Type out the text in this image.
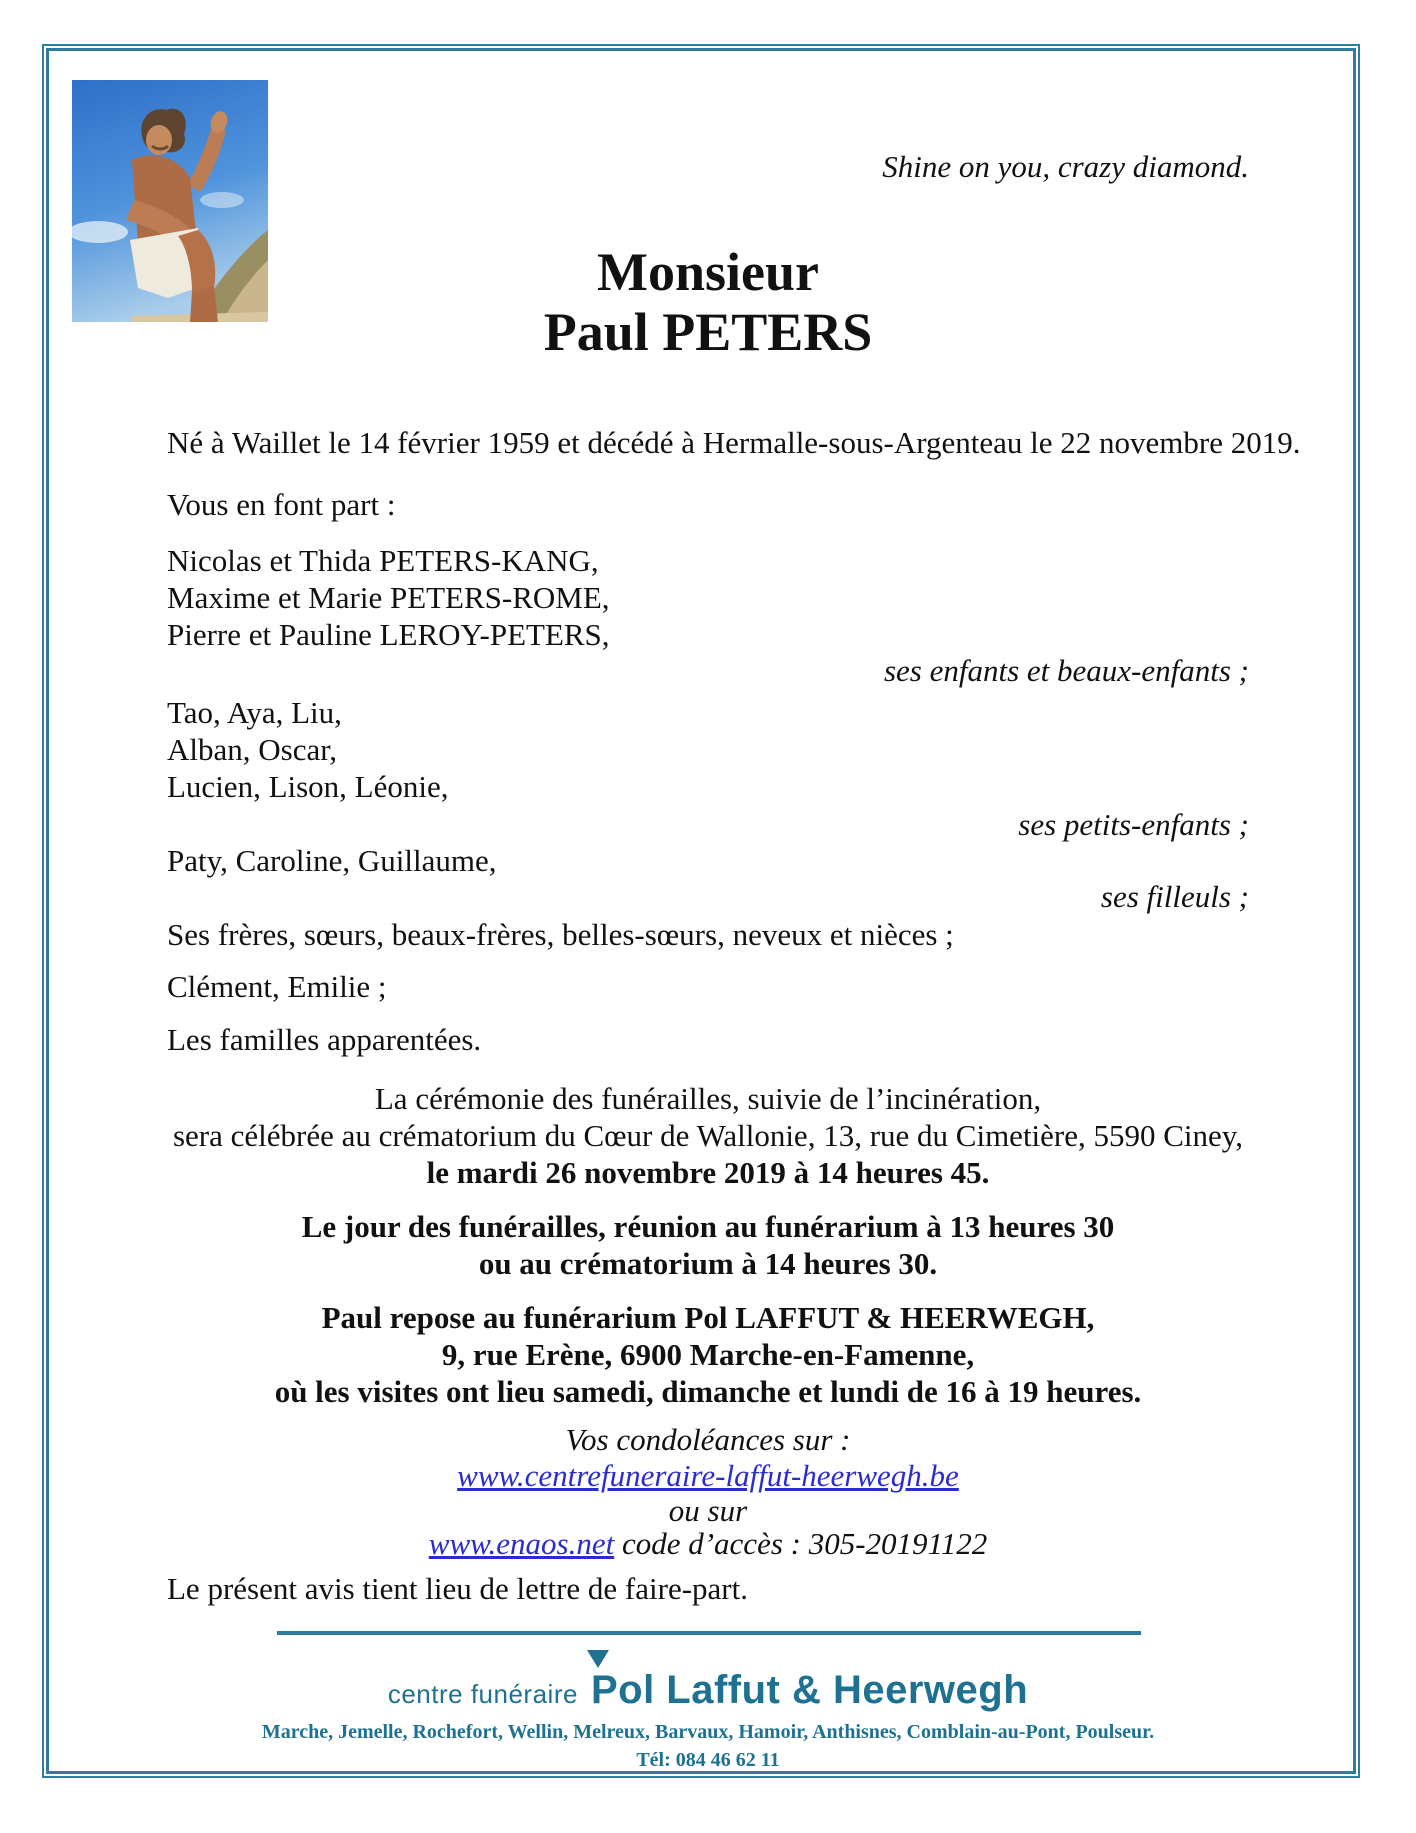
Shine on you, crazy diamond.
Monsieur
Paul PETERS
Né à Waillet le 14 février 1959 et décédé à Hermalle-sous-Argenteau le 22 novembre 2019.
Vous en font part :
Nicolas et Thida PETERS-KANG,
Maxime et Marie PETERS-ROME,
Pierre et Pauline LEROY-PETERS,
ses enfants et beaux-enfants ;
Tao, Aya, Liu,
Alban, Oscar,
Lucien, Lison, Léonie,
ses petits-enfants ;
Paty, Caroline, Guillaume,
ses filleuls ;
Ses frères, sœurs, beaux-frères, belles-sœurs, neveux et nièces ;
Clément, Emilie ;
Les familles apparentées.
La cérémonie des funérailles, suivie de l’incinération,
sera célébrée au crématorium du Cœur de Wallonie, 13, rue du Cimetière, 5590 Ciney,
le mardi 26 novembre 2019 à 14 heures 45.
Le jour des funérailles, réunion au funérarium à 13 heures 30
ou au crématorium à 14 heures 30.
Paul repose au funérarium Pol LAFFUT & HEERWEGH,
9, rue Erène, 6900 Marche-en-Famenne,
où les visites ont lieu samedi, dimanche et lundi de 16 à 19 heures.
Vos condoléances sur :
www.centrefuneraire-laffut-heerwegh.be
ou sur
www.enaos.net code d’accès : 305-20191122
Le présent avis tient lieu de lettre de faire-part.
centre funéraire Pol Laffut & Heerwegh
Marche, Jemelle, Rochefort, Wellin, Melreux, Barvaux, Hamoir, Anthisnes, Comblain-au-Pont, Poulseur.
Tél: 084 46 62 11
